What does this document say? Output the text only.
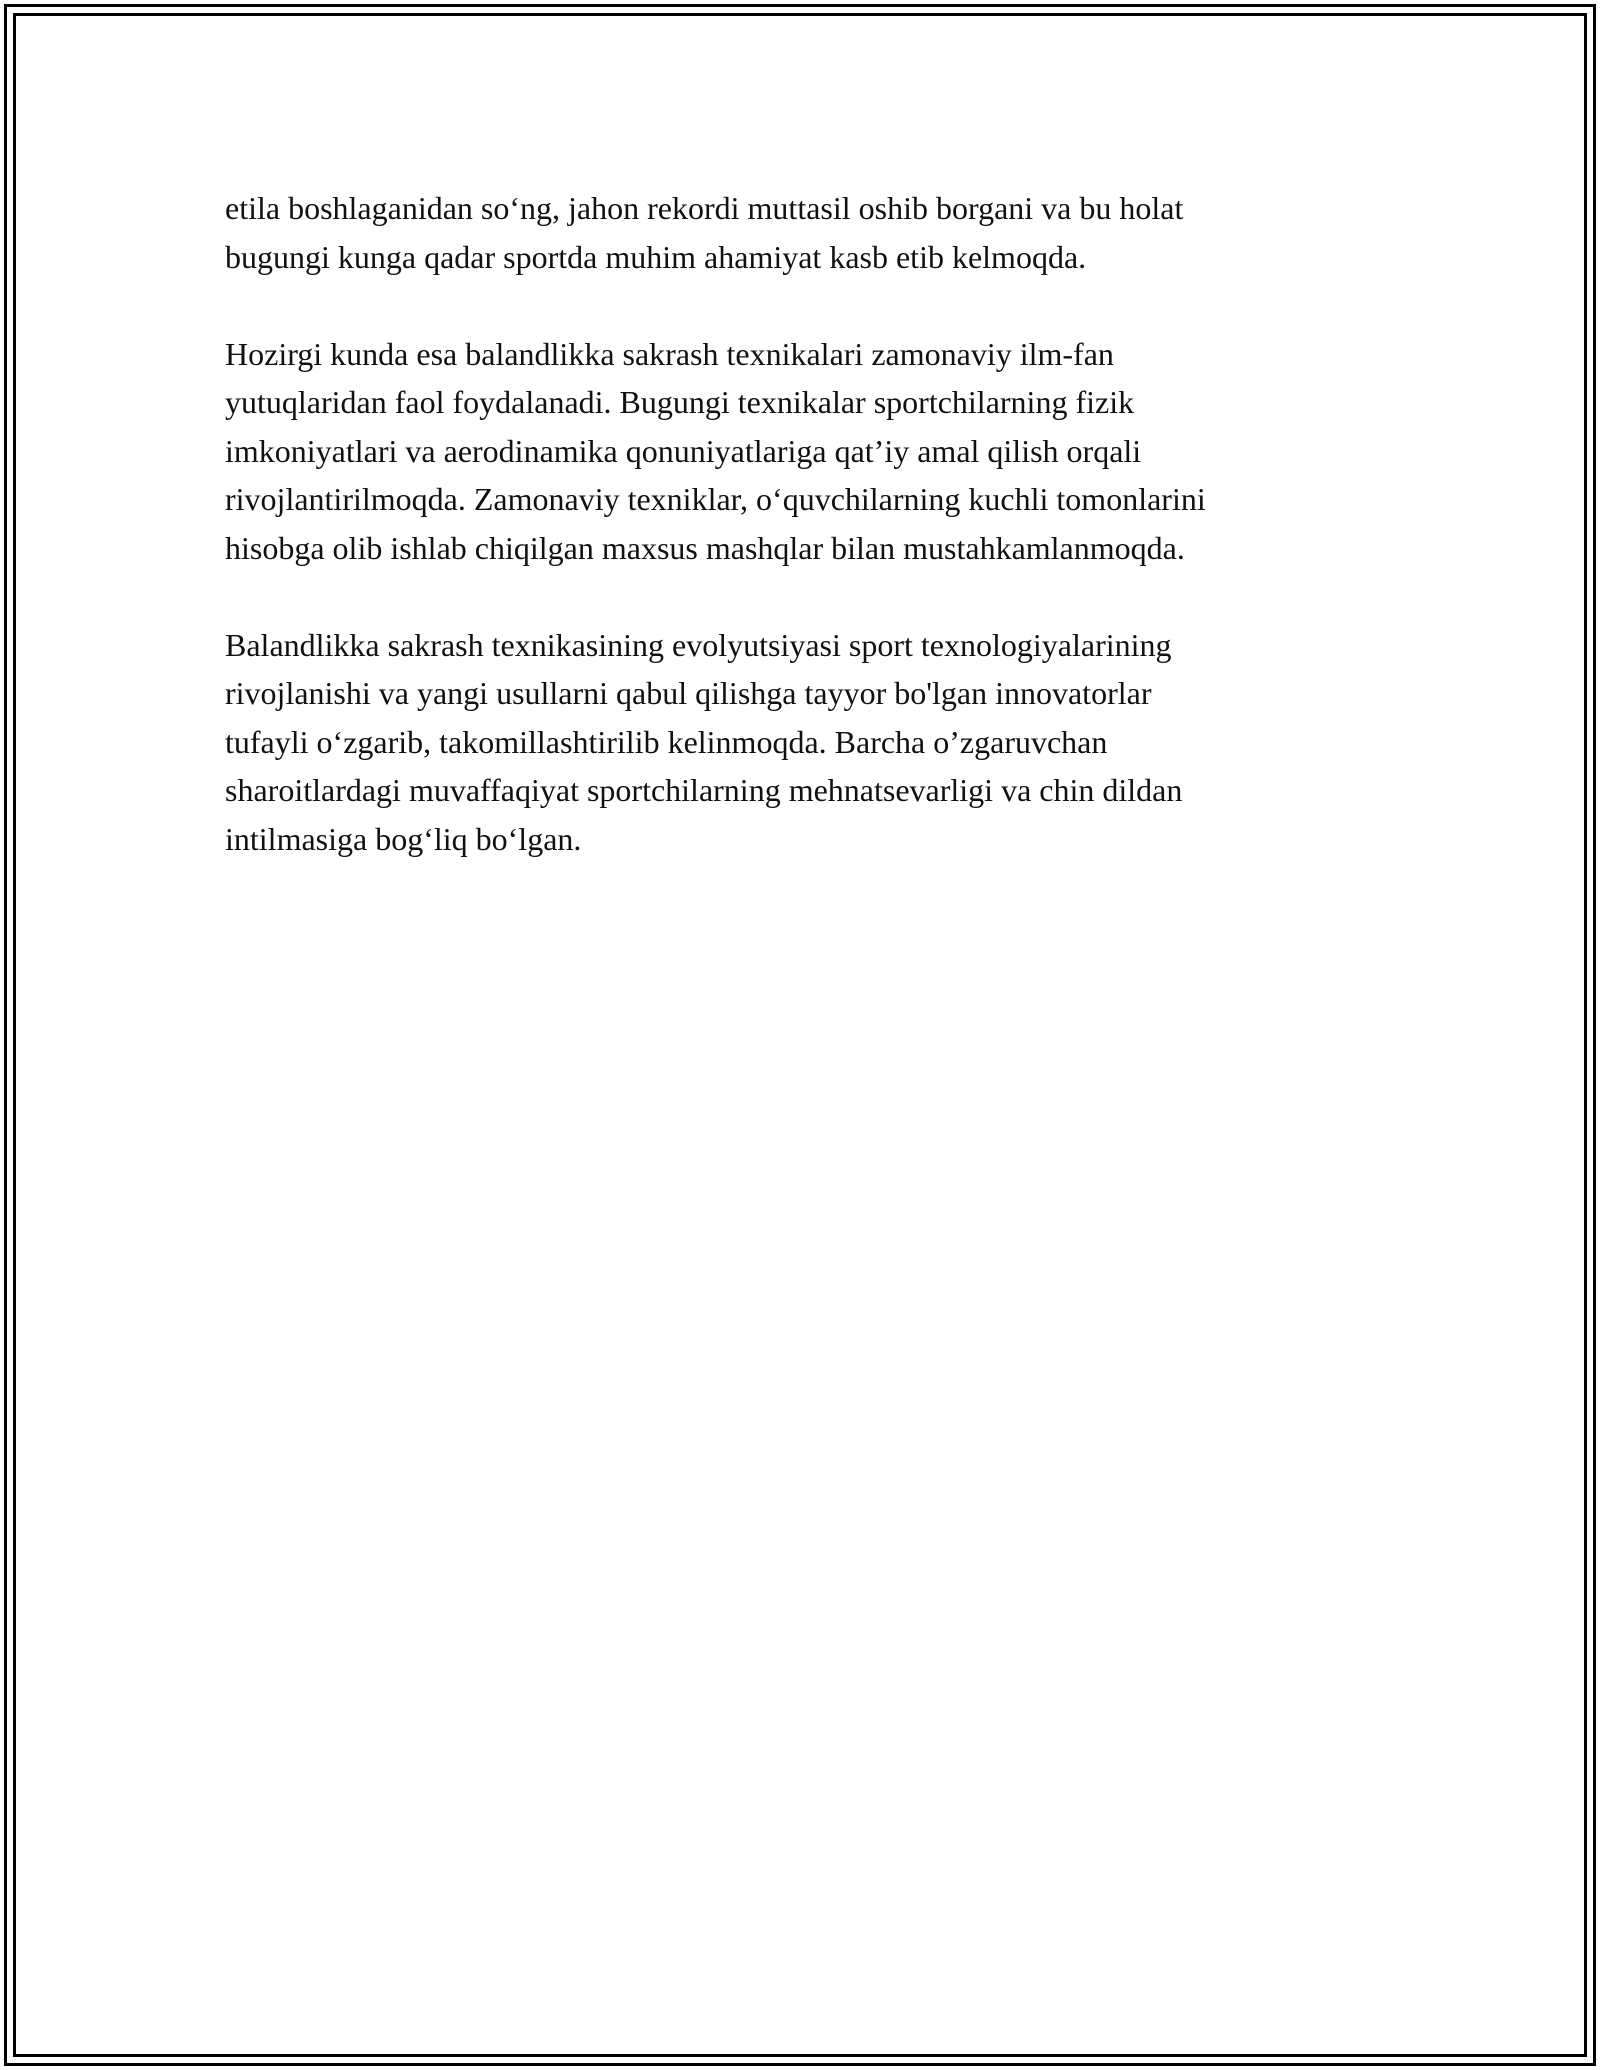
etila boshlaganidan so‘ng, jahon rekordi muttasil oshib borgani va bu holat
bugungi kunga qadar sportda muhim ahamiyat kasb etib kelmoqda.

Hozirgi kunda esa balandlikka sakrash texnikalari zamonaviy ilm-fan
yutuqlaridan faol foydalanadi. Bugungi texnikalar sportchilarning fizik
imkoniyatlari va aerodinamika qonuniyatlariga qat’iy amal qilish orqali
rivojlantirilmoqda. Zamonaviy texniklar, o‘quvchilarning kuchli tomonlarini
hisobga olib ishlab chiqilgan maxsus mashqlar bilan mustahkamlanmoqda.

Balandlikka sakrash texnikasining evolyutsiyasi sport texnologiyalarining
rivojlanishi va yangi usullarni qabul qilishga tayyor bo'lgan innovatorlar
tufayli o‘zgarib, takomillashtirilib kelinmoqda. Barcha o’zgaruvchan
sharoitlardagi muvaffaqiyat sportchilarning mehnatsevarligi va chin dildan
intilmasiga bog‘liq bo‘lgan.
